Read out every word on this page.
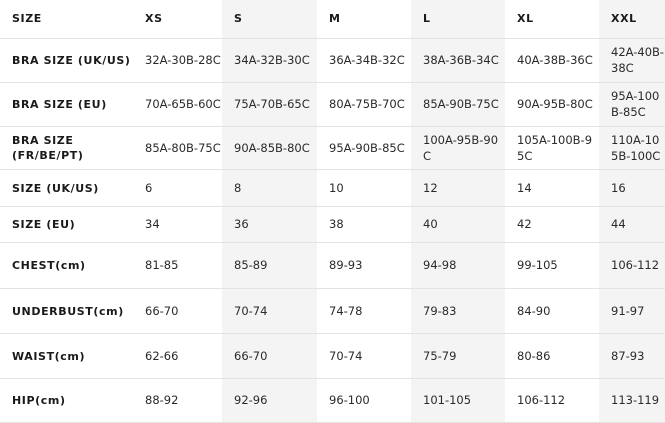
SIZE	XS	S	M	L	XL	XXL
BRA SIZE (UK/US)	32A-30B-28C	34A-32B-30C	36A-34B-32C	38A-36B-34C	40A-38B-36C	42A-40B-38C
BRA SIZE (EU)	70A-65B-60C	75A-70B-65C	80A-75B-70C	85A-90B-75C	90A-95B-80C	95A-100B-85C
BRA SIZE (FR/BE/PT)	85A-80B-75C	90A-85B-80C	95A-90B-85C	100A-95B-90C	105A-100B-95C	110A-105B-100C
SIZE (UK/US)	6	8	10	12	14	16
SIZE (EU)	34	36	38	40	42	44
CHEST(cm)	81-85	85-89	89-93	94-98	99-105	106-112
UNDERBUST(cm)	66-70	70-74	74-78	79-83	84-90	91-97
WAIST(cm)	62-66	66-70	70-74	75-79	80-86	87-93
HIP(cm)	88-92	92-96	96-100	101-105	106-112	113-119
